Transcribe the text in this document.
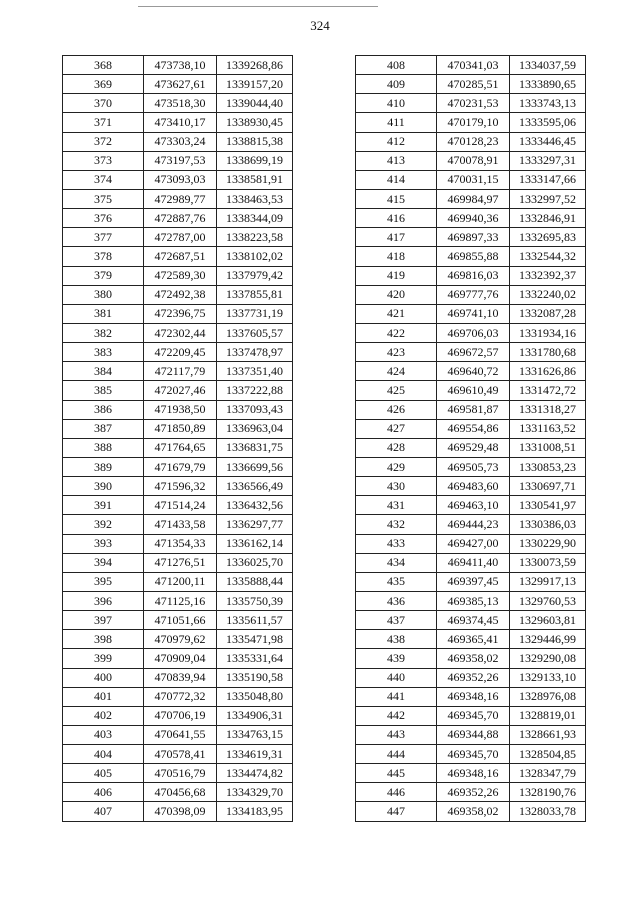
324
368	473738,10	1339268,86
369	473627,61	1339157,20
370	473518,30	1339044,40
371	473410,17	1338930,45
372	473303,24	1338815,38
373	473197,53	1338699,19
374	473093,03	1338581,91
375	472989,77	1338463,53
376	472887,76	1338344,09
377	472787,00	1338223,58
378	472687,51	1338102,02
379	472589,30	1337979,42
380	472492,38	1337855,81
381	472396,75	1337731,19
382	472302,44	1337605,57
383	472209,45	1337478,97
384	472117,79	1337351,40
385	472027,46	1337222,88
386	471938,50	1337093,43
387	471850,89	1336963,04
388	471764,65	1336831,75
389	471679,79	1336699,56
390	471596,32	1336566,49
391	471514,24	1336432,56
392	471433,58	1336297,77
393	471354,33	1336162,14
394	471276,51	1336025,70
395	471200,11	1335888,44
396	471125,16	1335750,39
397	471051,66	1335611,57
398	470979,62	1335471,98
399	470909,04	1335331,64
400	470839,94	1335190,58
401	470772,32	1335048,80
402	470706,19	1334906,31
403	470641,55	1334763,15
404	470578,41	1334619,31
405	470516,79	1334474,82
406	470456,68	1334329,70
407	470398,09	1334183,95
408	470341,03	1334037,59
409	470285,51	1333890,65
410	470231,53	1333743,13
411	470179,10	1333595,06
412	470128,23	1333446,45
413	470078,91	1333297,31
414	470031,15	1333147,66
415	469984,97	1332997,52
416	469940,36	1332846,91
417	469897,33	1332695,83
418	469855,88	1332544,32
419	469816,03	1332392,37
420	469777,76	1332240,02
421	469741,10	1332087,28
422	469706,03	1331934,16
423	469672,57	1331780,68
424	469640,72	1331626,86
425	469610,49	1331472,72
426	469581,87	1331318,27
427	469554,86	1331163,52
428	469529,48	1331008,51
429	469505,73	1330853,23
430	469483,60	1330697,71
431	469463,10	1330541,97
432	469444,23	1330386,03
433	469427,00	1330229,90
434	469411,40	1330073,59
435	469397,45	1329917,13
436	469385,13	1329760,53
437	469374,45	1329603,81
438	469365,41	1329446,99
439	469358,02	1329290,08
440	469352,26	1329133,10
441	469348,16	1328976,08
442	469345,70	1328819,01
443	469344,88	1328661,93
444	469345,70	1328504,85
445	469348,16	1328347,79
446	469352,26	1328190,76
447	469358,02	1328033,78
